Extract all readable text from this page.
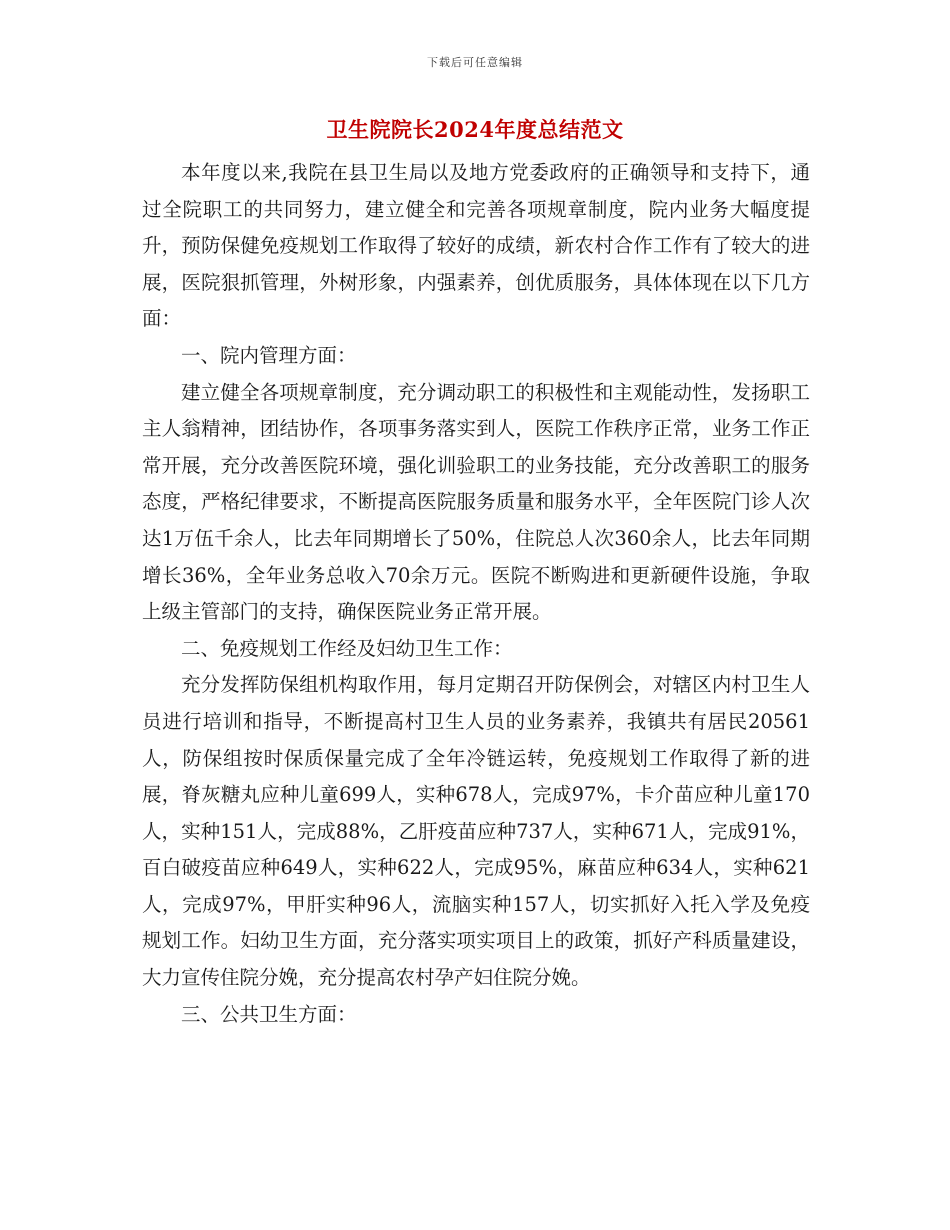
下载后可任意编辑
卫生院院长2024年度总结范文

本年度以来,我院在县卫生局以及地方党委政府的正确领导和支持下，通过全院职工的共同努力，建立健全和完善各项规章制度，院内业务大幅度提升，预防保健免疫规划工作取得了较好的成绩，新农村合作工作有了较大的进展，医院狠抓管理，外树形象，内强素养，创优质服务，具体体现在以下几方面：

一、院内管理方面：

建立健全各项规章制度，充分调动职工的积极性和主观能动性，发扬职工主人翁精神，团结协作，各项事务落实到人，医院工作秩序正常，业务工作正常开展，充分改善医院环境，强化训验职工的业务技能，充分改善职工的服务态度，严格纪律要求，不断提高医院服务质量和服务水平，全年医院门诊人次达1万伍千余人，比去年同期增长了50%，住院总人次360余人，比去年同期增长36%，全年业务总收入70余万元。医院不断购进和更新硬件设施，争取上级主管部门的支持，确保医院业务正常开展。

二、免疫规划工作经及妇幼卫生工作：

充分发挥防保组机构取作用，每月定期召开防保例会，对辖区内村卫生人员进行培训和指导，不断提高村卫生人员的业务素养，我镇共有居民20561人，防保组按时保质保量完成了全年冷链运转，免疫规划工作取得了新的进展，脊灰糖丸应种儿童699人，实种678人，完成97%，卡介苗应种儿童170人，实种151人，完成88%，乙肝疫苗应种737人，实种671人，完成91%，百白破疫苗应种649人，实种622人，完成95%，麻苗应种634人，实种621人，完成97%，甲肝实种96人，流脑实种157人，切实抓好入托入学及免疫规划工作。妇幼卫生方面，充分落实项实项目上的政策，抓好产科质量建设，大力宣传住院分娩，充分提高农村孕产妇住院分娩。

三、公共卫生方面：
